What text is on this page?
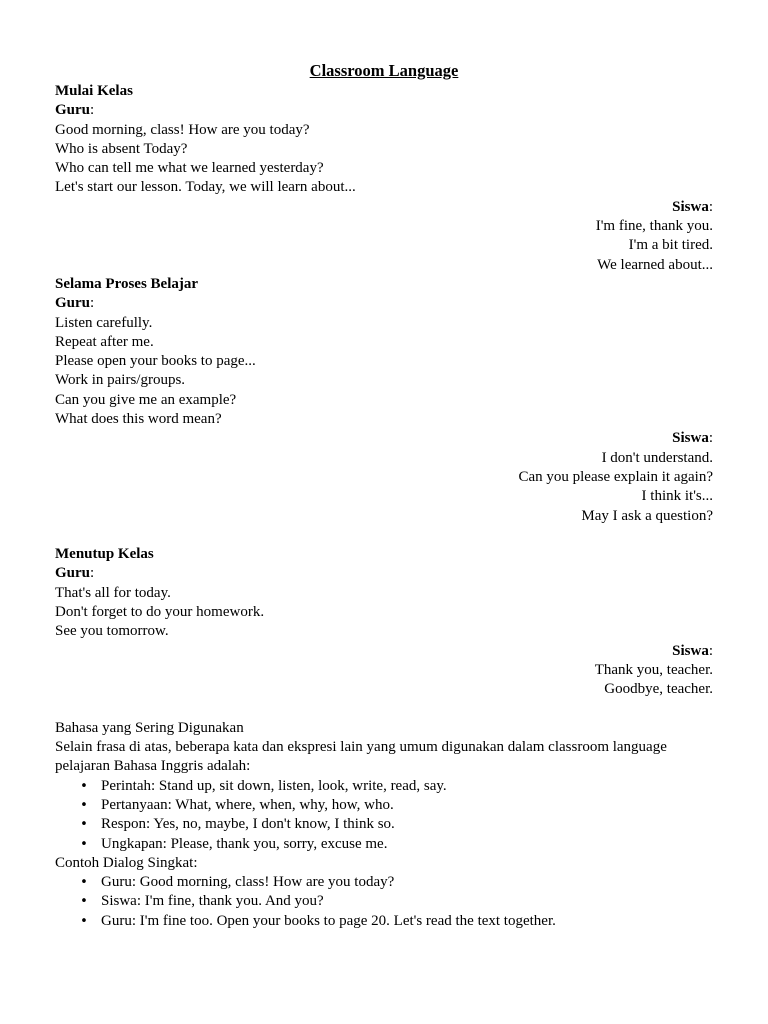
Classroom Language

Mulai Kelas

Guru:

Good morning, class! How are you today?

Who is absent Today?

Who can tell me what we learned yesterday?

Let's start our lesson. Today, we will learn about...

Siswa:

I'm fine, thank you.

I'm a bit tired.

We learned about...

Selama Proses Belajar

Guru:

Listen carefully.

Repeat after me.

Please open your books to page...

Work in pairs/groups.

Can you give me an example?

What does this word mean?

Siswa:

I don't understand.

Can you please explain it again?

I think it's...

May I ask a question?

Menutup Kelas

Guru:

That's all for today.

Don't forget to do your homework.

See you tomorrow.

Siswa:

Thank you, teacher.

Goodbye, teacher.

Bahasa yang Sering Digunakan

Selain frasa di atas, beberapa kata dan ekspresi lain yang umum digunakan dalam classroom language pelajaran Bahasa Inggris adalah:

• Perintah: Stand up, sit down, listen, look, write, read, say.
• Pertanyaan: What, where, when, why, how, who.
• Respon: Yes, no, maybe, I don't know, I think so.
• Ungkapan: Please, thank you, sorry, excuse me.

Contoh Dialog Singkat:

• Guru: Good morning, class! How are you today?
• Siswa: I'm fine, thank you. And you?
• Guru: I'm fine too. Open your books to page 20. Let's read the text together.
